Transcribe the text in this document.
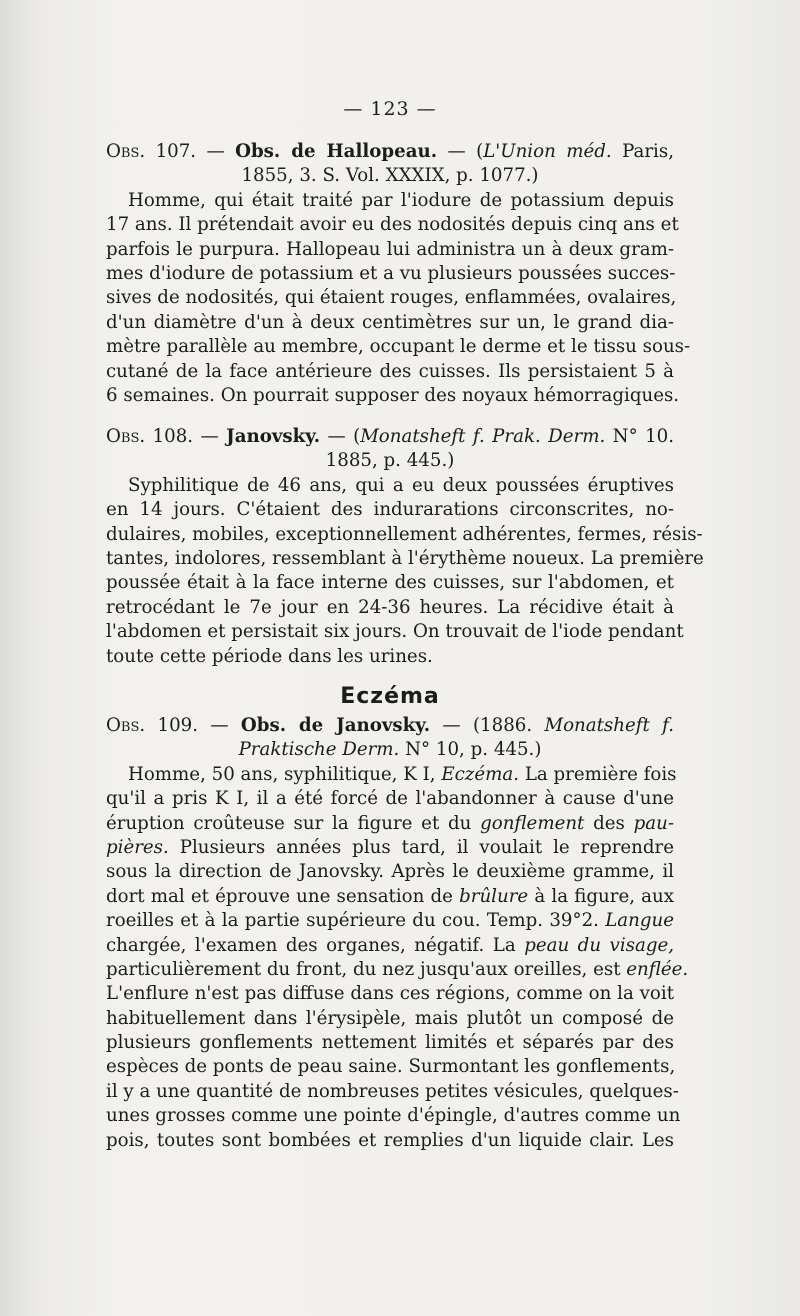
— 123 —
Obs. 107. — Obs. de Hallopeau. — (L'Union méd. Paris,
1855, 3. S. Vol. XXXIX, p. 1077.)
Homme, qui était traité par l'iodure de potassium depuis
17 ans. Il prétendait avoir eu des nodosités depuis cinq ans et
parfois le purpura. Hallopeau lui administra un à deux gram-
mes d'iodure de potassium et a vu plusieurs poussées succes-
sives de nodosités, qui étaient rouges, enflammées, ovalaires,
d'un diamètre d'un à deux centimètres sur un, le grand dia-
mètre parallèle au membre, occupant le derme et le tissu sous-
cutané de la face antérieure des cuisses. Ils persistaient 5 à
6 semaines. On pourrait supposer des noyaux hémorragiques.
Obs. 108. — Janovsky. — (Monatsheft f. Prak. Derm. N° 10.
1885, p. 445.)
Syphilitique de 46 ans, qui a eu deux poussées éruptives
en 14 jours. C'étaient des indurarations circonscrites, no-
dulaires, mobiles, exceptionnellement adhérentes, fermes, résis-
tantes, indolores, ressemblant à l'érythème noueux. La première
poussée était à la face interne des cuisses, sur l'abdomen, et
retrocédant le 7e jour en 24-36 heures. La récidive était à
l'abdomen et persistait six jours. On trouvait de l'iode pendant
toute cette période dans les urines.
Eczéma
Obs. 109. — Obs. de Janovsky. — (1886. Monatsheft f.
Praktische Derm. N° 10, p. 445.)
Homme, 50 ans, syphilitique, K I, Eczéma. La première fois
qu'il a pris K I, il a été forcé de l'abandonner à cause d'une
éruption croûteuse sur la figure et du gonflement des pau-
pières. Plusieurs années plus tard, il voulait le reprendre
sous la direction de Janovsky. Après le deuxième gramme, il
dort mal et éprouve une sensation de brûlure à la figure, aux
roeilles et à la partie supérieure du cou. Temp. 39°2. Langue
chargée, l'examen des organes, négatif. La peau du visage,
particulièrement du front, du nez jusqu'aux oreilles, est enflée.
L'enflure n'est pas diffuse dans ces régions, comme on la voit
habituellement dans l'érysipèle, mais plutôt un composé de
plusieurs gonflements nettement limités et séparés par des
espèces de ponts de peau saine. Surmontant les gonflements,
il y a une quantité de nombreuses petites vésicules, quelques-
unes grosses comme une pointe d'épingle, d'autres comme un
pois, toutes sont bombées et remplies d'un liquide clair. Les
